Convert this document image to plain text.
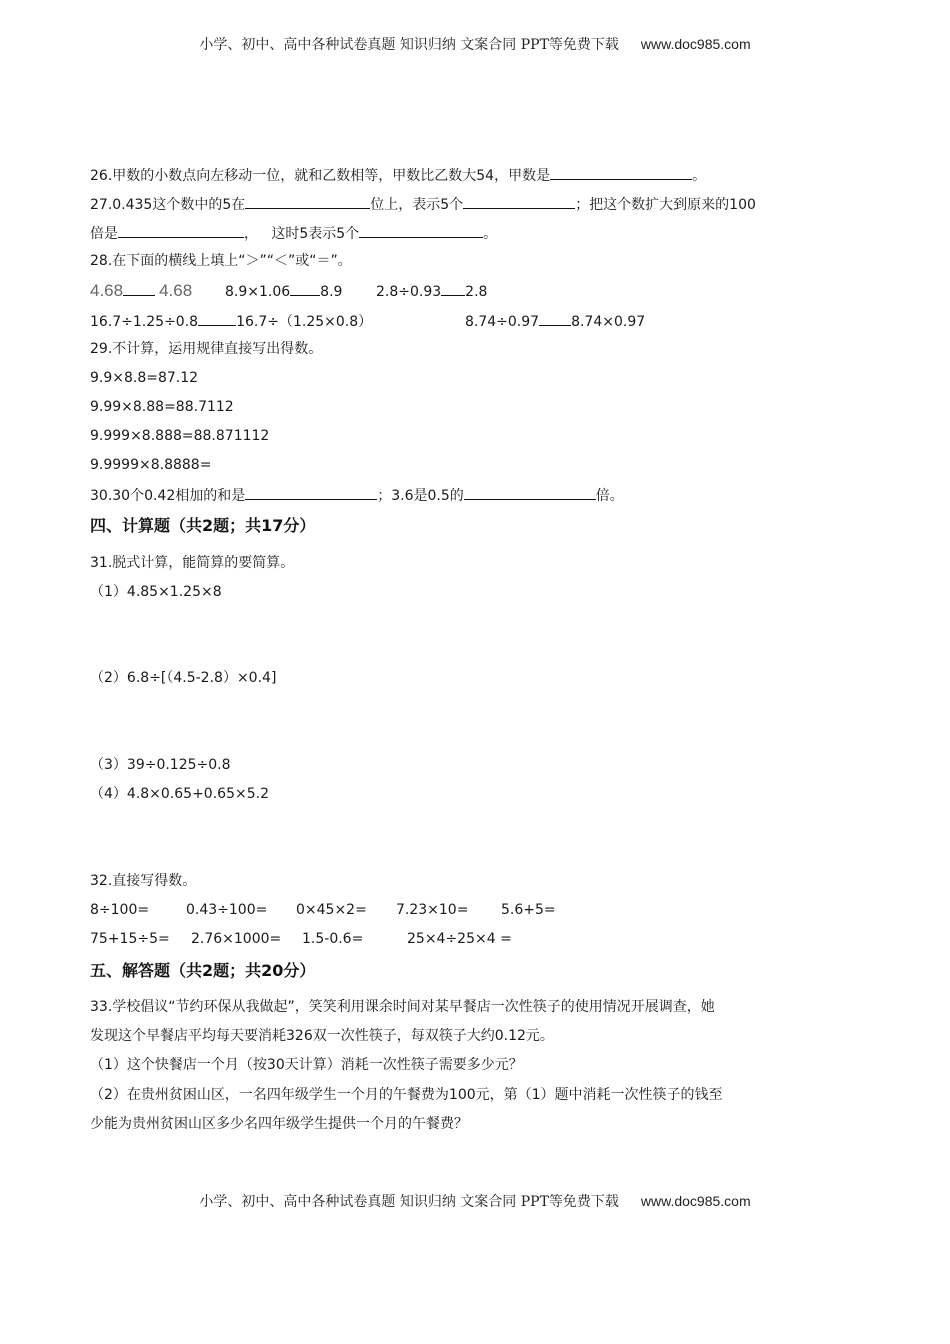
小学、初中、高中各种试卷真题 知识归纳 文案合同 PPT等免费下载 www.doc985.com
26.甲数的小数点向左移动一位，就和乙数相等，甲数比乙数大54，甲数是	。
27.0.435这个数中的5在	位上，表示5个	；把这个数扩大到原来的100
倍是	，   这时5表示5个	。
28.在下面的横线上填上“＞”“＜”或“＝”。
4.68 4.68 8.9×1.06 8.9 2.8÷0.93 2.8
16.7÷1.25÷0.8	16.7÷（1.25×0.8）	8.74÷0.97 8.74×0.97
29.不计算，运用规律直接写出得数。
9.9×8.8=87.12
9.99×8.88=88.7112
9.999×8.888=88.871112
9.9999×8.8888=
30.30个0.42相加的和是	；3.6是0.5的	倍。
四、计算题（共2题；共17分）
31.脱式计算，能简算的要简算。
（1）4.85×1.25×8
（2）6.8÷[（4.5-2.8）×0.4]
（3）39÷0.125÷0.8
（4）4.8×0.65+0.65×5.2
32.直接写得数。
8÷100=	0.43÷100= 0×45×2= 7.23×10= 5.6+5=
75+15÷5= 2.76×1000= 1.5-0.6=	25×4÷25×4 =
五、解答题（共2题；共20分）
33.学校倡议“节约环保从我做起”，笑笑利用课余时间对某早餐店一次性筷子的使用情况开展调查，她
发现这个早餐店平均每天要消耗326双一次性筷子，每双筷子大约0.12元。
（1）这个快餐店一个月（按30天计算）消耗一次性筷子需要多少元？
（2）在贵州贫困山区，一名四年级学生一个月的午餐费为100元，第（1）题中消耗一次性筷子的钱至
少能为贵州贫困山区多少名四年级学生提供一个月的午餐费？
小学、初中、高中各种试卷真题 知识归纳 文案合同 PPT等免费下载 www.doc985.com
